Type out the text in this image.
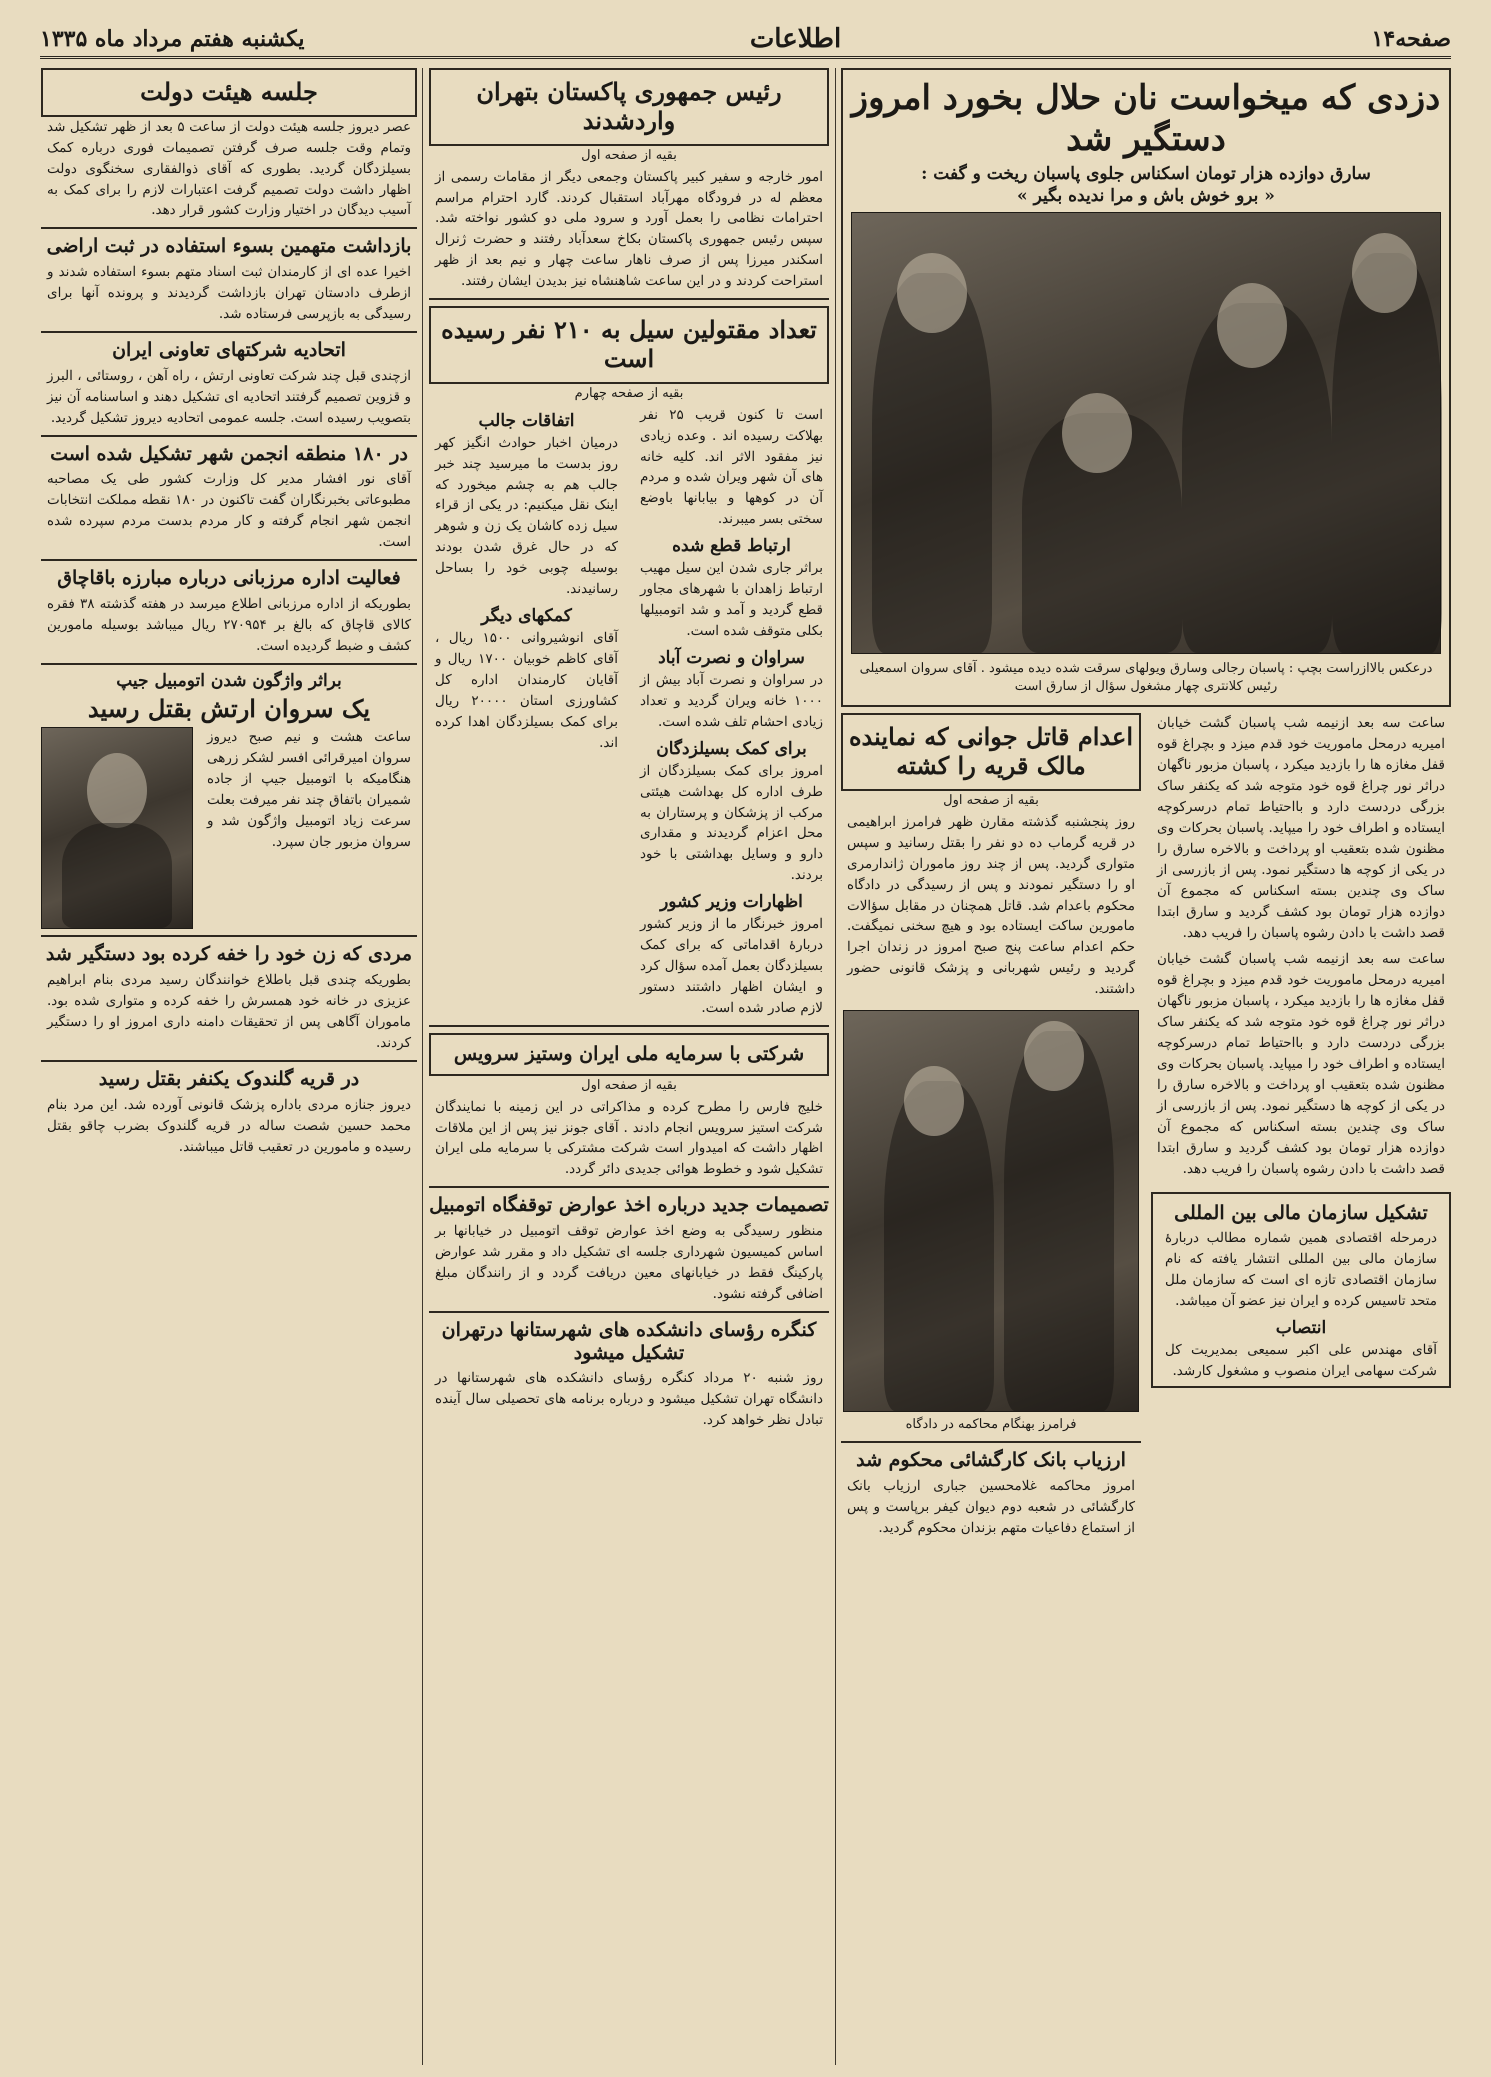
صفحه۱۴
اطلاعات
یکشنبه هفتم مرداد ماه ۱۳۳۵
دزدی که میخواست نان حلال بخورد امروز دستگیر شد
سارق دوازده هزار تومان اسکناس جلوی پاسبان ریخت و گفت :
« برو خوش باش و مرا ندیده بگیر »
درعکس بالاازراست بچپ : پاسبان رجالی وسارق ویولهای سرقت شده دیده میشود . آقای سروان اسمعیلی رئیس کلانتری چهار مشغول سؤال از سارق است
ساعت سه بعد ازنیمه شب پاسبان گشت خیابان امیریه درمحل ماموریت خود قدم میزد و بچراغ قوه قفل مغازه ها را بازدید میکرد ، پاسبان مزبور ناگهان دراثر نور چراغ قوه خود متوجه شد که یکنفر ساک بزرگی دردست دارد و بااحتیاط تمام درسرکوچه ایستاده و اطراف خود را میپاید. پاسبان بحرکات وی مظنون شده بتعقیب او پرداخت و بالاخره سارق را در یکی از کوچه ها دستگیر نمود. پس از بازرسی از ساک وی چندین بسته اسکناس که مجموع آن دوازده هزار تومان بود کشف گردید و سارق ابتدا قصد داشت با دادن رشوه پاسبان را فریب دهد.
ساعت سه بعد ازنیمه شب پاسبان گشت خیابان امیریه درمحل ماموریت خود قدم میزد و بچراغ قوه قفل مغازه ها را بازدید میکرد ، پاسبان مزبور ناگهان دراثر نور چراغ قوه خود متوجه شد که یکنفر ساک بزرگی دردست دارد و بااحتیاط تمام درسرکوچه ایستاده و اطراف خود را میپاید. پاسبان بحرکات وی مظنون شده بتعقیب او پرداخت و بالاخره سارق را در یکی از کوچه ها دستگیر نمود. پس از بازرسی از ساک وی چندین بسته اسکناس که مجموع آن دوازده هزار تومان بود کشف گردید و سارق ابتدا قصد داشت با دادن رشوه پاسبان را فریب دهد.
تشکیل سازمان مالی بین المللی
درمرحله اقتصادی همین شماره مطالب دربارۀ سازمان مالی بین المللی انتشار یافته که نام سازمان اقتصادی تازه ای است که سازمان ملل متحد تاسیس کرده و ایران نیز عضو آن میباشد.
انتصاب
آقای مهندس علی اکبر سمیعی بمدیریت کل شرکت سهامی ایران منصوب و مشغول کارشد.
اعدام قاتل جوانی که نماینده مالک قریه را کشته
بقیه از صفحه اول
روز پنجشنبه گذشته مقارن ظهر فرامرز ابراهیمی در قریه گرماب ده دو نفر را بقتل رسانید و سپس متواری گردید. پس از چند روز ماموران ژاندارمری او را دستگیر نمودند و پس از رسیدگی در دادگاه محکوم باعدام شد. قاتل همچنان در مقابل سؤالات مامورین ساکت ایستاده بود و هیچ سخنی نمیگفت. حکم اعدام ساعت پنج صبح امروز در زندان اجرا گردید و رئیس شهربانی و پزشک قانونی حضور داشتند.
فرامرز بهنگام محاکمه در دادگاه
ارزیاب بانک کارگشائی محکوم شد
امروز محاکمه غلامحسین جباری ارزیاب بانک کارگشائی در شعبه دوم دیوان کیفر برپاست و پس از استماع دفاعیات متهم بزندان محکوم گردید.
رئیس جمهوری پاکستان بتهران واردشدند
بقیه از صفحه اول
امور خارجه و سفیر کبیر پاکستان وجمعی دیگر از مقامات رسمی از معظم له در فرودگاه مهرآباد استقبال کردند. گارد احترام مراسم احترامات نظامی را بعمل آورد و سرود ملی دو کشور نواخته شد. سپس رئیس جمهوری پاکستان بکاخ سعدآباد رفتند و حضرت ژنرال اسکندر میرزا پس از صرف ناهار ساعت چهار و نیم بعد از ظهر استراحت کردند و در این ساعت شاهنشاه نیز بدیدن ایشان رفتند.
تعداد مقتولین سیل به ۲۱۰ نفر رسیده است
بقیه از صفحه چهارم
است تا کنون قریب ۲۵ نفر بهلاکت رسیده اند . وعده زیادی نیز مفقود الاثر اند. کلیه خانه های آن شهر ویران شده و مردم آن در کوهها و بیابانها باوضع سختی بسر میبرند.
ارتباط قطع شده
براثر جاری شدن این سیل مهیب ارتباط زاهدان با شهرهای مجاور قطع گردید و آمد و شد اتومبیلها بکلی متوقف شده است.
سراوان و نصرت آباد
در سراوان و نصرت آباد بیش از ۱۰۰۰ خانه ویران گردید و تعداد زیادی احشام تلف شده است.
برای کمک بسیلزدگان
امروز برای کمک بسیلزدگان از طرف اداره کل بهداشت هیئتی مرکب از پزشکان و پرستاران به محل اعزام گردیدند و مقداری دارو و وسایل بهداشتی با خود بردند.
اظهارات وزیر کشور
امروز خبرنگار ما از وزیر کشور دربارۀ اقداماتی که برای کمک بسیلزدگان بعمل آمده سؤال کرد و ایشان اظهار داشتند دستور لازم صادر شده است.
اتفاقات جالب
درمیان اخبار حوادث انگیز کهر روز بدست ما میرسید چند خبر جالب هم به چشم میخورد که اینک نقل میکنیم: در یکی از قراء سیل زده کاشان یک زن و شوهر که در حال غرق شدن بودند بوسیله چوبی خود را بساحل رسانیدند.
کمکهای دیگر
آقای انوشیروانی ۱۵۰۰ ریال ، آقای کاظم خوبیان ۱۷۰۰ ریال و آقایان کارمندان اداره کل کشاورزی استان ۲۰۰۰۰ ریال برای کمک بسیلزدگان اهدا کرده اند.
شرکتی با سرمایه ملی ایران وستیز سرویس
بقیه از صفحه اول
خلیج فارس را مطرح کرده و مذاکراتی در این زمینه با نمایندگان شرکت استیز سرویس انجام دادند . آقای جونز نیز پس از این ملاقات اظهار داشت که امیدوار است شرکت مشترکی با سرمایه ملی ایران تشکیل شود و خطوط هوائی جدیدی دائر گردد.
تصمیمات جدید درباره اخذ عوارض توقفگاه اتومبیل
منظور رسیدگی به وضع اخذ عوارض توقف اتومبیل در خیابانها بر اساس کمیسیون شهرداری جلسه ای تشکیل داد و مقرر شد عوارض پارکینگ فقط در خیابانهای معین دریافت گردد و از رانندگان مبلغ اضافی گرفته نشود.
کنگره رؤسای دانشکده های شهرستانها درتهران تشکیل میشود
روز شنبه ۲۰ مرداد کنگره رؤسای دانشکده های شهرستانها در دانشگاه تهران تشکیل میشود و درباره برنامه های تحصیلی سال آینده تبادل نظر خواهد کرد.
جلسه هیئت دولت
عصر دیروز جلسه هیئت دولت از ساعت ۵ بعد از ظهر تشکیل شد وتمام وقت جلسه صرف گرفتن تصمیمات فوری درباره کمک بسیلزدگان گردید. بطوری که آقای ذوالفقاری سخنگوی دولت اظهار داشت دولت تصمیم گرفت اعتبارات لازم را برای کمک به آسیب دیدگان در اختیار وزارت کشور قرار دهد.
بازداشت متهمین بسوء استفاده در ثبت اراضی
اخیرا عده ای از کارمندان ثبت اسناد متهم بسوء استفاده شدند و ازطرف دادستان تهران بازداشت گردیدند و پرونده آنها برای رسیدگی به بازپرسی فرستاده شد.
اتحادیه شرکتهای تعاونی ایران
ازچندی قبل چند شرکت تعاونی ارتش ، راه آهن ، روستائی ، البرز و قزوین تصمیم گرفتند اتحادیه ای تشکیل دهند و اساسنامه آن نیز بتصویب رسیده است. جلسه عمومی اتحادیه دیروز تشکیل گردید.
در ۱۸۰ منطقه انجمن شهر تشکیل شده است
آقای نور افشار مدیر کل وزارت کشور طی یک مصاحبه مطبوعاتی بخبرنگاران گفت تاکنون در ۱۸۰ نقطه مملکت انتخابات انجمن شهر انجام گرفته و کار مردم بدست مردم سپرده شده است.
فعالیت اداره مرزبانی درباره مبارزه باقاچاق
بطوریکه از اداره مرزبانی اطلاع میرسد در هفته گذشته ۳۸ فقره کالای قاچاق که بالغ بر ۲۷۰۹۵۴ ریال میباشد بوسیله مامورین کشف و ضبط گردیده است.
براثر واژگون شدن اتومبیل جیپ
یک سروان ارتش بقتل رسید
ساعت هشت و نیم صبح دیروز سروان امیرقرائی افسر لشکر زرهی هنگامیکه با اتومبیل جیپ از جاده شمیران باتفاق چند نفر میرفت بعلت سرعت زیاد اتومبیل واژگون شد و سروان مزبور جان سپرد.
مردی که زن خود را خفه کرده بود دستگیر شد
بطوریکه چندی قبل باطلاع خوانندگان رسید مردی بنام ابراهیم عزیزی در خانه خود همسرش را خفه کرده و متواری شده بود. ماموران آگاهی پس از تحقیقات دامنه داری امروز او را دستگیر کردند.
در قریه گلندوک یکنفر بقتل رسید
دیروز جنازه مردی باداره پزشک قانونی آورده شد. این مرد بنام محمد حسین شصت ساله در قریه گلندوک بضرب چاقو بقتل رسیده و مامورین در تعقیب قاتل میباشند.
